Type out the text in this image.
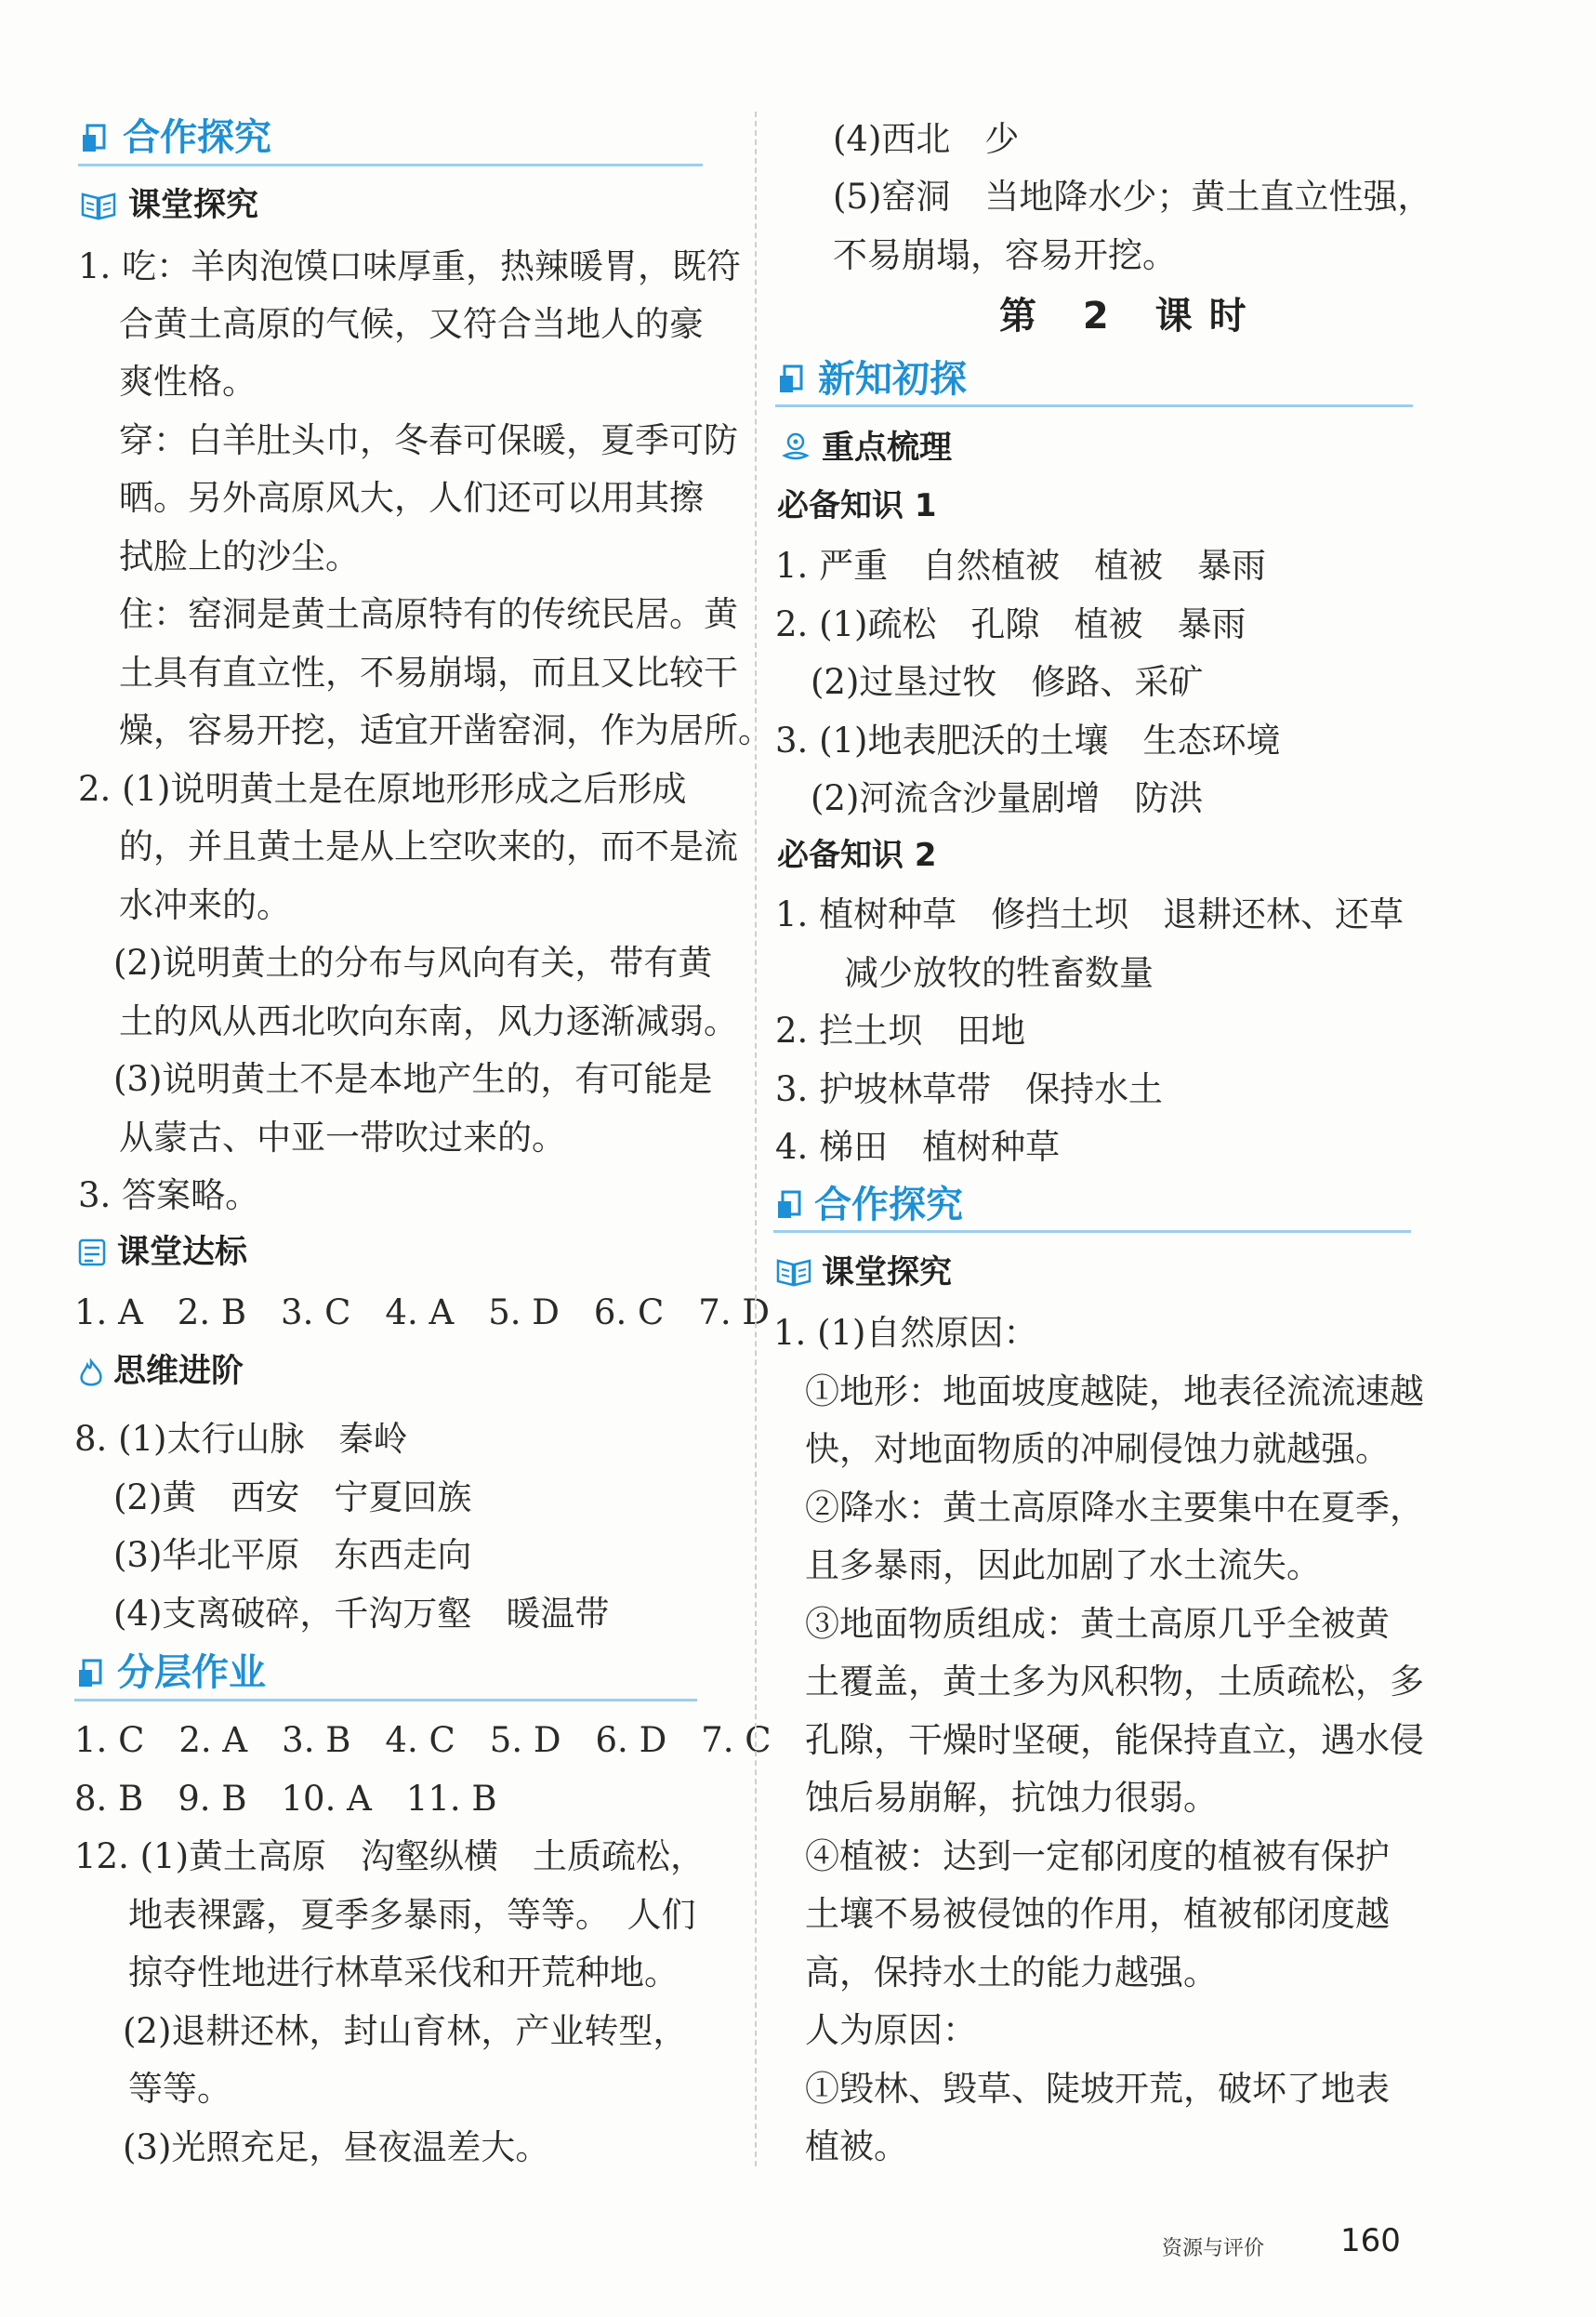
合作探究
课堂探究
1. 吃：羊肉泡馍口味厚重，热辣暖胃，既符
合黄土高原的气候，又符合当地人的豪
爽性格。
穿：白羊肚头巾，冬春可保暖，夏季可防
晒。另外高原风大，人们还可以用其擦
拭脸上的沙尘。
住：窑洞是黄土高原特有的传统民居。黄
土具有直立性，不易崩塌，而且又比较干
燥，容易开挖，适宜开凿窑洞，作为居所。
2. (1)说明黄土是在原地形形成之后形成
的，并且黄土是从上空吹来的，而不是流
水冲来的。
(2)说明黄土的分布与风向有关，带有黄
土的风从西北吹向东南，风力逐渐减弱。
(3)说明黄土不是本地产生的，有可能是
从蒙古、中亚一带吹过来的。
3. 答案略。
课堂达标
1. A　2. B　3. C　4. A　5. D　6. C　7. D
思维进阶
8. (1)太行山脉　秦岭
(2)黄　西安　宁夏回族
(3)华北平原　东西走向
(4)支离破碎，千沟万壑　暖温带
分层作业
1. C　2. A　3. B　4. C　5. D　6. D　7. C
8. B　9. B　10. A　11. B
12. (1)黄土高原　沟壑纵横　土质疏松，
地表裸露，夏季多暴雨，等等。　人们
掠夺性地进行林草采伐和开荒种地。
(2)退耕还林，封山育林，产业转型，
等等。
(3)光照充足，昼夜温差大。
(4)西北　少
(5)窑洞　当地降水少；黄土直立性强，
不易崩塌，容易开挖。
第 2 课时
新知初探
重点梳理
必备知识 1
1. 严重　自然植被　植被　暴雨
2. (1)疏松　孔隙　植被　暴雨
(2)过垦过牧　修路、采矿
3. (1)地表肥沃的土壤　生态环境
(2)河流含沙量剧增　防洪
必备知识 2
1. 植树种草　修挡土坝　退耕还林、还草
减少放牧的牲畜数量
2. 拦土坝　田地
3. 护坡林草带　保持水土
4. 梯田　植树种草
合作探究
课堂探究
1. (1)自然原因：
①地形：地面坡度越陡，地表径流流速越
快，对地面物质的冲刷侵蚀力就越强。
②降水：黄土高原降水主要集中在夏季，
且多暴雨，因此加剧了水土流失。
③地面物质组成：黄土高原几乎全被黄
土覆盖，黄土多为风积物，土质疏松，多
孔隙，干燥时坚硬，能保持直立，遇水侵
蚀后易崩解，抗蚀力很弱。
④植被：达到一定郁闭度的植被有保护
土壤不易被侵蚀的作用，植被郁闭度越
高，保持水土的能力越强。
人为原因：
①毁林、毁草、陡坡开荒，破坏了地表
植被。
资源与评价 160
